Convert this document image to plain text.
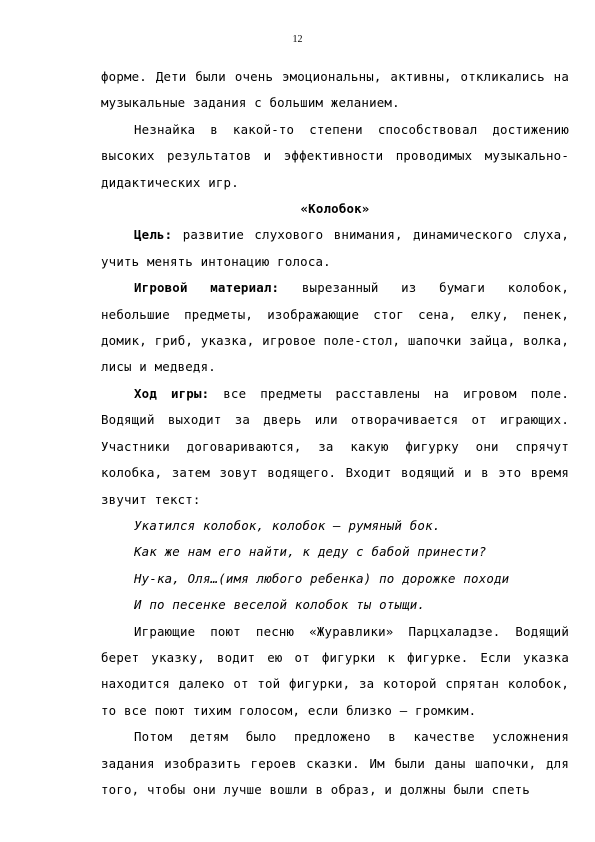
12

форме. Дети были очень эмоциональны, активны, откликались на музыкальные задания с большим желанием.

Незнайка в какой-то степени способствовал достижению высоких результатов и эффективности проводимых музыкально-дидактических игр.

«Колобок»

Цель: развитие слухового внимания, динамического слуха, учить менять интонацию голоса.

Игровой материал: вырезанный из бумаги колобок, небольшие предметы, изображающие стог сена, елку, пенек, домик, гриб, указка, игровое поле-стол, шапочки зайца, волка, лисы и медведя.

Ход игры: все предметы расставлены на игровом поле. Водящий выходит за дверь или отворачивается от играющих. Участники договариваются, за какую фигурку они спрячут колобка, затем зовут водящего. Входит водящий и в это время звучит текст:

Укатился колобок, колобок – румяный бок.

Как же нам его найти, к деду с бабой принести?

Ну-ка, Оля…(имя любого ребенка) по дорожке походи

И по песенке веселой колобок ты отыщи.

Играющие поют песню «Журавлики» Парцхаладзе. Водящий берет указку, водит ею от фигурки к фигурке. Если указка находится далеко от той фигурки, за которой спрятан колобок, то все поют тихим голосом, если близко – громким.

Потом детям было предложено в качестве усложнения задания изобразить героев сказки. Им были даны шапочки, для того, чтобы они лучше вошли в образ, и должны были спеть
